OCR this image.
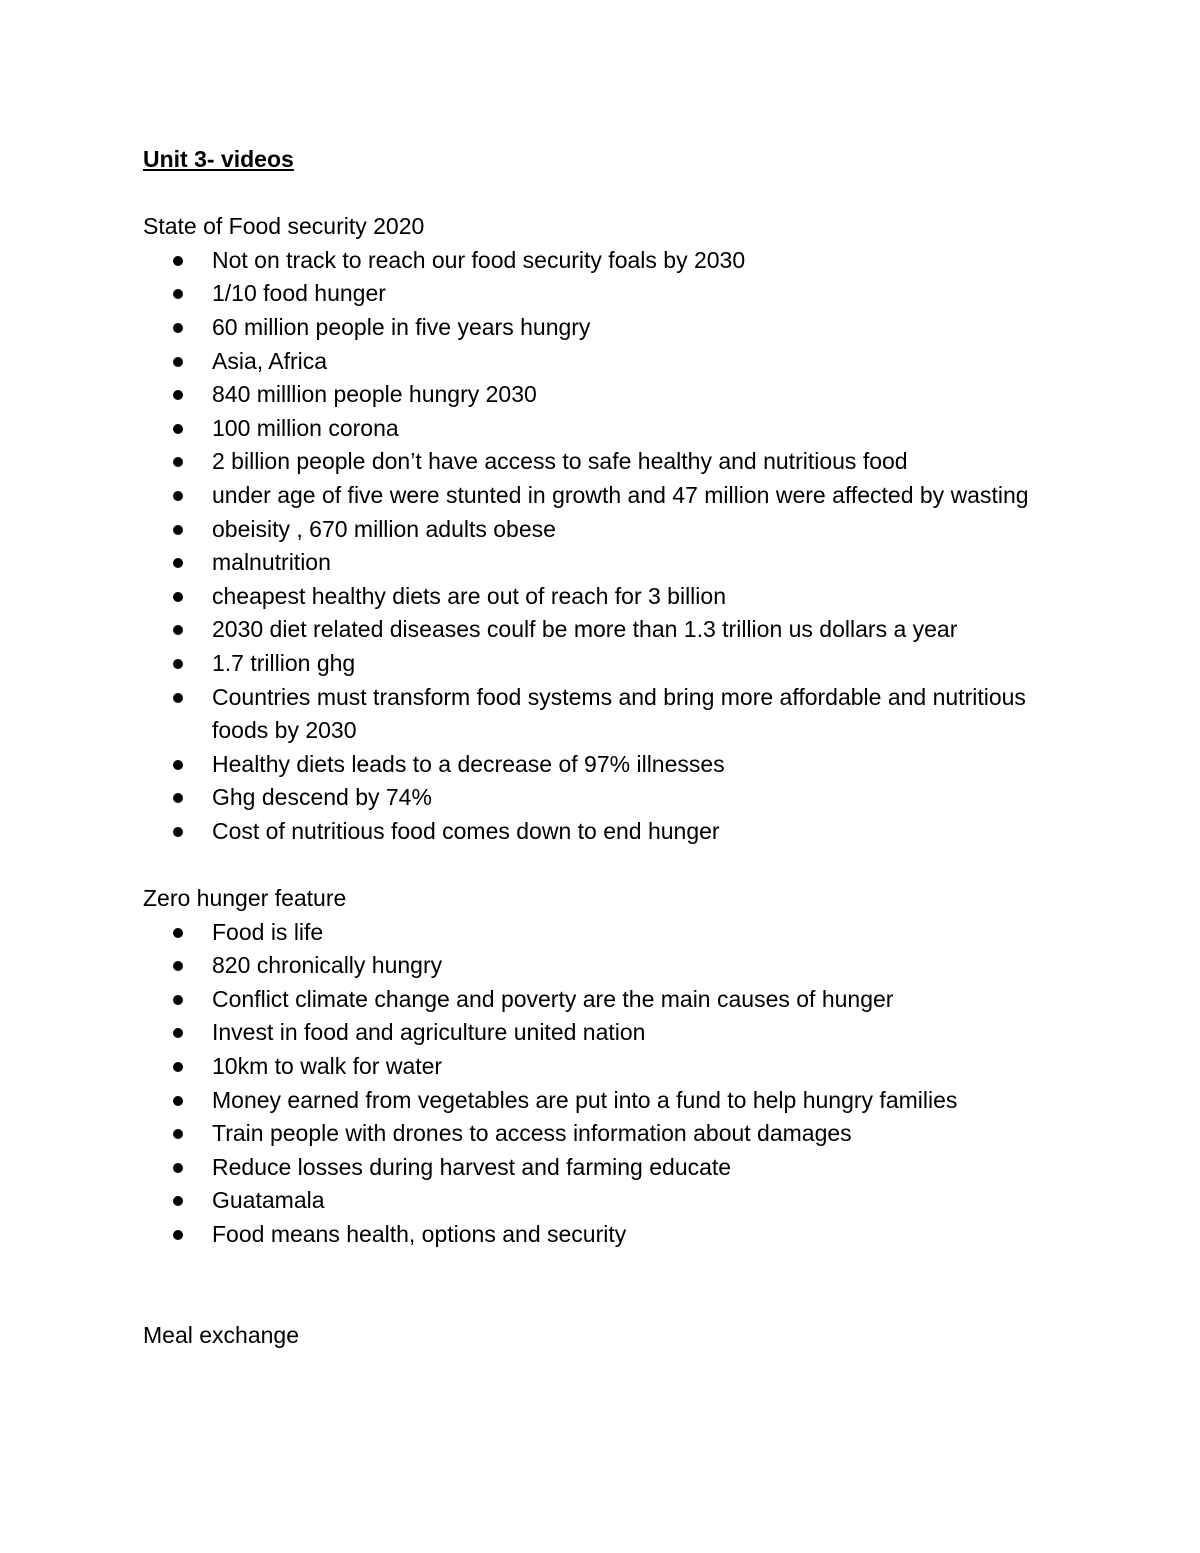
Unit 3- videos
State of Food security 2020
Not on track to reach our food security foals by 2030
1/10 food hunger
60 million people in five years hungry
Asia, Africa
840 milllion people hungry 2030
100 million corona
2 billion people don’t have access to safe healthy and nutritious food
under age of five were stunted in growth and 47 million were affected by wasting
obeisity , 670 million adults obese
malnutrition
cheapest healthy diets are out of reach for 3 billion
2030 diet related diseases coulf be more than 1.3 trillion us dollars a year
1.7 trillion ghg
Countries must transform food systems and bring more affordable and nutritious foods by 2030
Healthy diets leads to a decrease of 97% illnesses
Ghg descend by 74%
Cost of nutritious food comes down to end hunger
Zero hunger feature
Food is life
820 chronically hungry
Conflict climate change and poverty are the main causes of hunger
Invest in food and agriculture united nation
10km to walk for water
Money earned from vegetables are put into a fund to help hungry families
Train people with drones to access information about damages
Reduce losses during harvest and farming educate
Guatamala
Food means health, options and security
Meal exchange
